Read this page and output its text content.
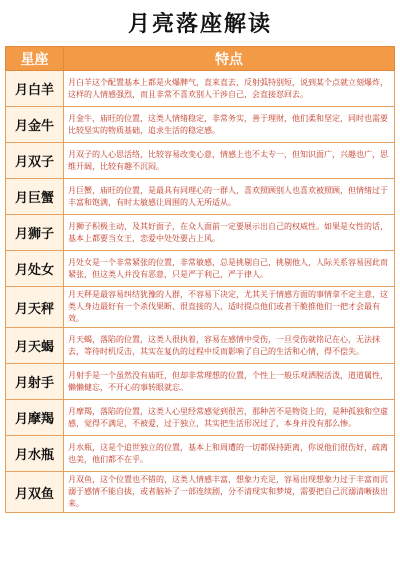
月亮落座解读
星座	特点
月白羊	月白羊这个配置基本上都是火爆脾气，直来直去，反射弧特别短，说到某个点就立刻爆炸，这样的人情感强烈，而且非常不喜欢别人干涉自己，会直接怼回去。
月金牛	月金牛，庙旺的位置，这类人情绪稳定，非常务实，善于理财，他们柔和坚定，同时也需要比较坚实的物质基础，追求生活的稳定感。
月双子	月双子的人心思活络，比较容易改变心意，情感上也不太专一，但知识面广，兴趣也广，思维开阔，比较有趣不沉闷。
月巨蟹	月巨蟹，庙旺的位置，是最具有同理心的一群人，喜欢照顾别人也喜欢被照顾，但情绪过于丰富和饱满，有时太敏感让周围的人无所适从。
月狮子	月狮子积极主动，及其好面子，在众人面前一定要展示出自己的权威性。如果是女性的话，基本上都要当女王，恋爱中处处要占上风。
月处女	月处女是一个非常紧张的位置，非常敏感，总是挑剔自己，挑剔他人，人际关系容易因此而紧张，但这类人并没有恶意，只是严于利己，严于律人。
月天秤	月天秤是最容易纠结犹豫的人群，不容易下决定，尤其关于情感方面的事情拿不定主意，这类人身边最好有一个杀伐果断、很直接的人，适时提点他们或者干脆推他们一把才会最有效。
月天蝎	月天蝎，落陷的位置，这类人很执着，容易在感情中受伤，一旦受伤就铭记在心，无法抹去，等待时机反击，其实在复仇的过程中反而影响了自己的生活和心情，得不偿失。
月射手	月射手是一个虽然没有庙旺，但却非常理想的位置，个性上一般乐观洒脱活泼，道道属性，懒懒健忘，不开心的事转眼就忘。
月摩羯	月摩羯，落陷的位置，这类人心里经常感觉到很苦，那种苦不是物资上的，是种孤独和空虚感，觉得不满足，不被爱，过于独立，其实把生活形况过了，本身并没有那么惨。
月水瓶	月水瓶，这是个追世独立的位置，基本上和周遭的一切都保持距离，你说他们很伤好，疏离也美，他们都不在乎。
月双鱼	月双鱼，这个位置也不错的，这类人情感丰富，想象力充足，容易出现想象力过于丰富而沉溺于感情不能自拔，或者脑补了一部连续剧，分不清现实和梦境，需要把自己沉溺清晰拔出来。
